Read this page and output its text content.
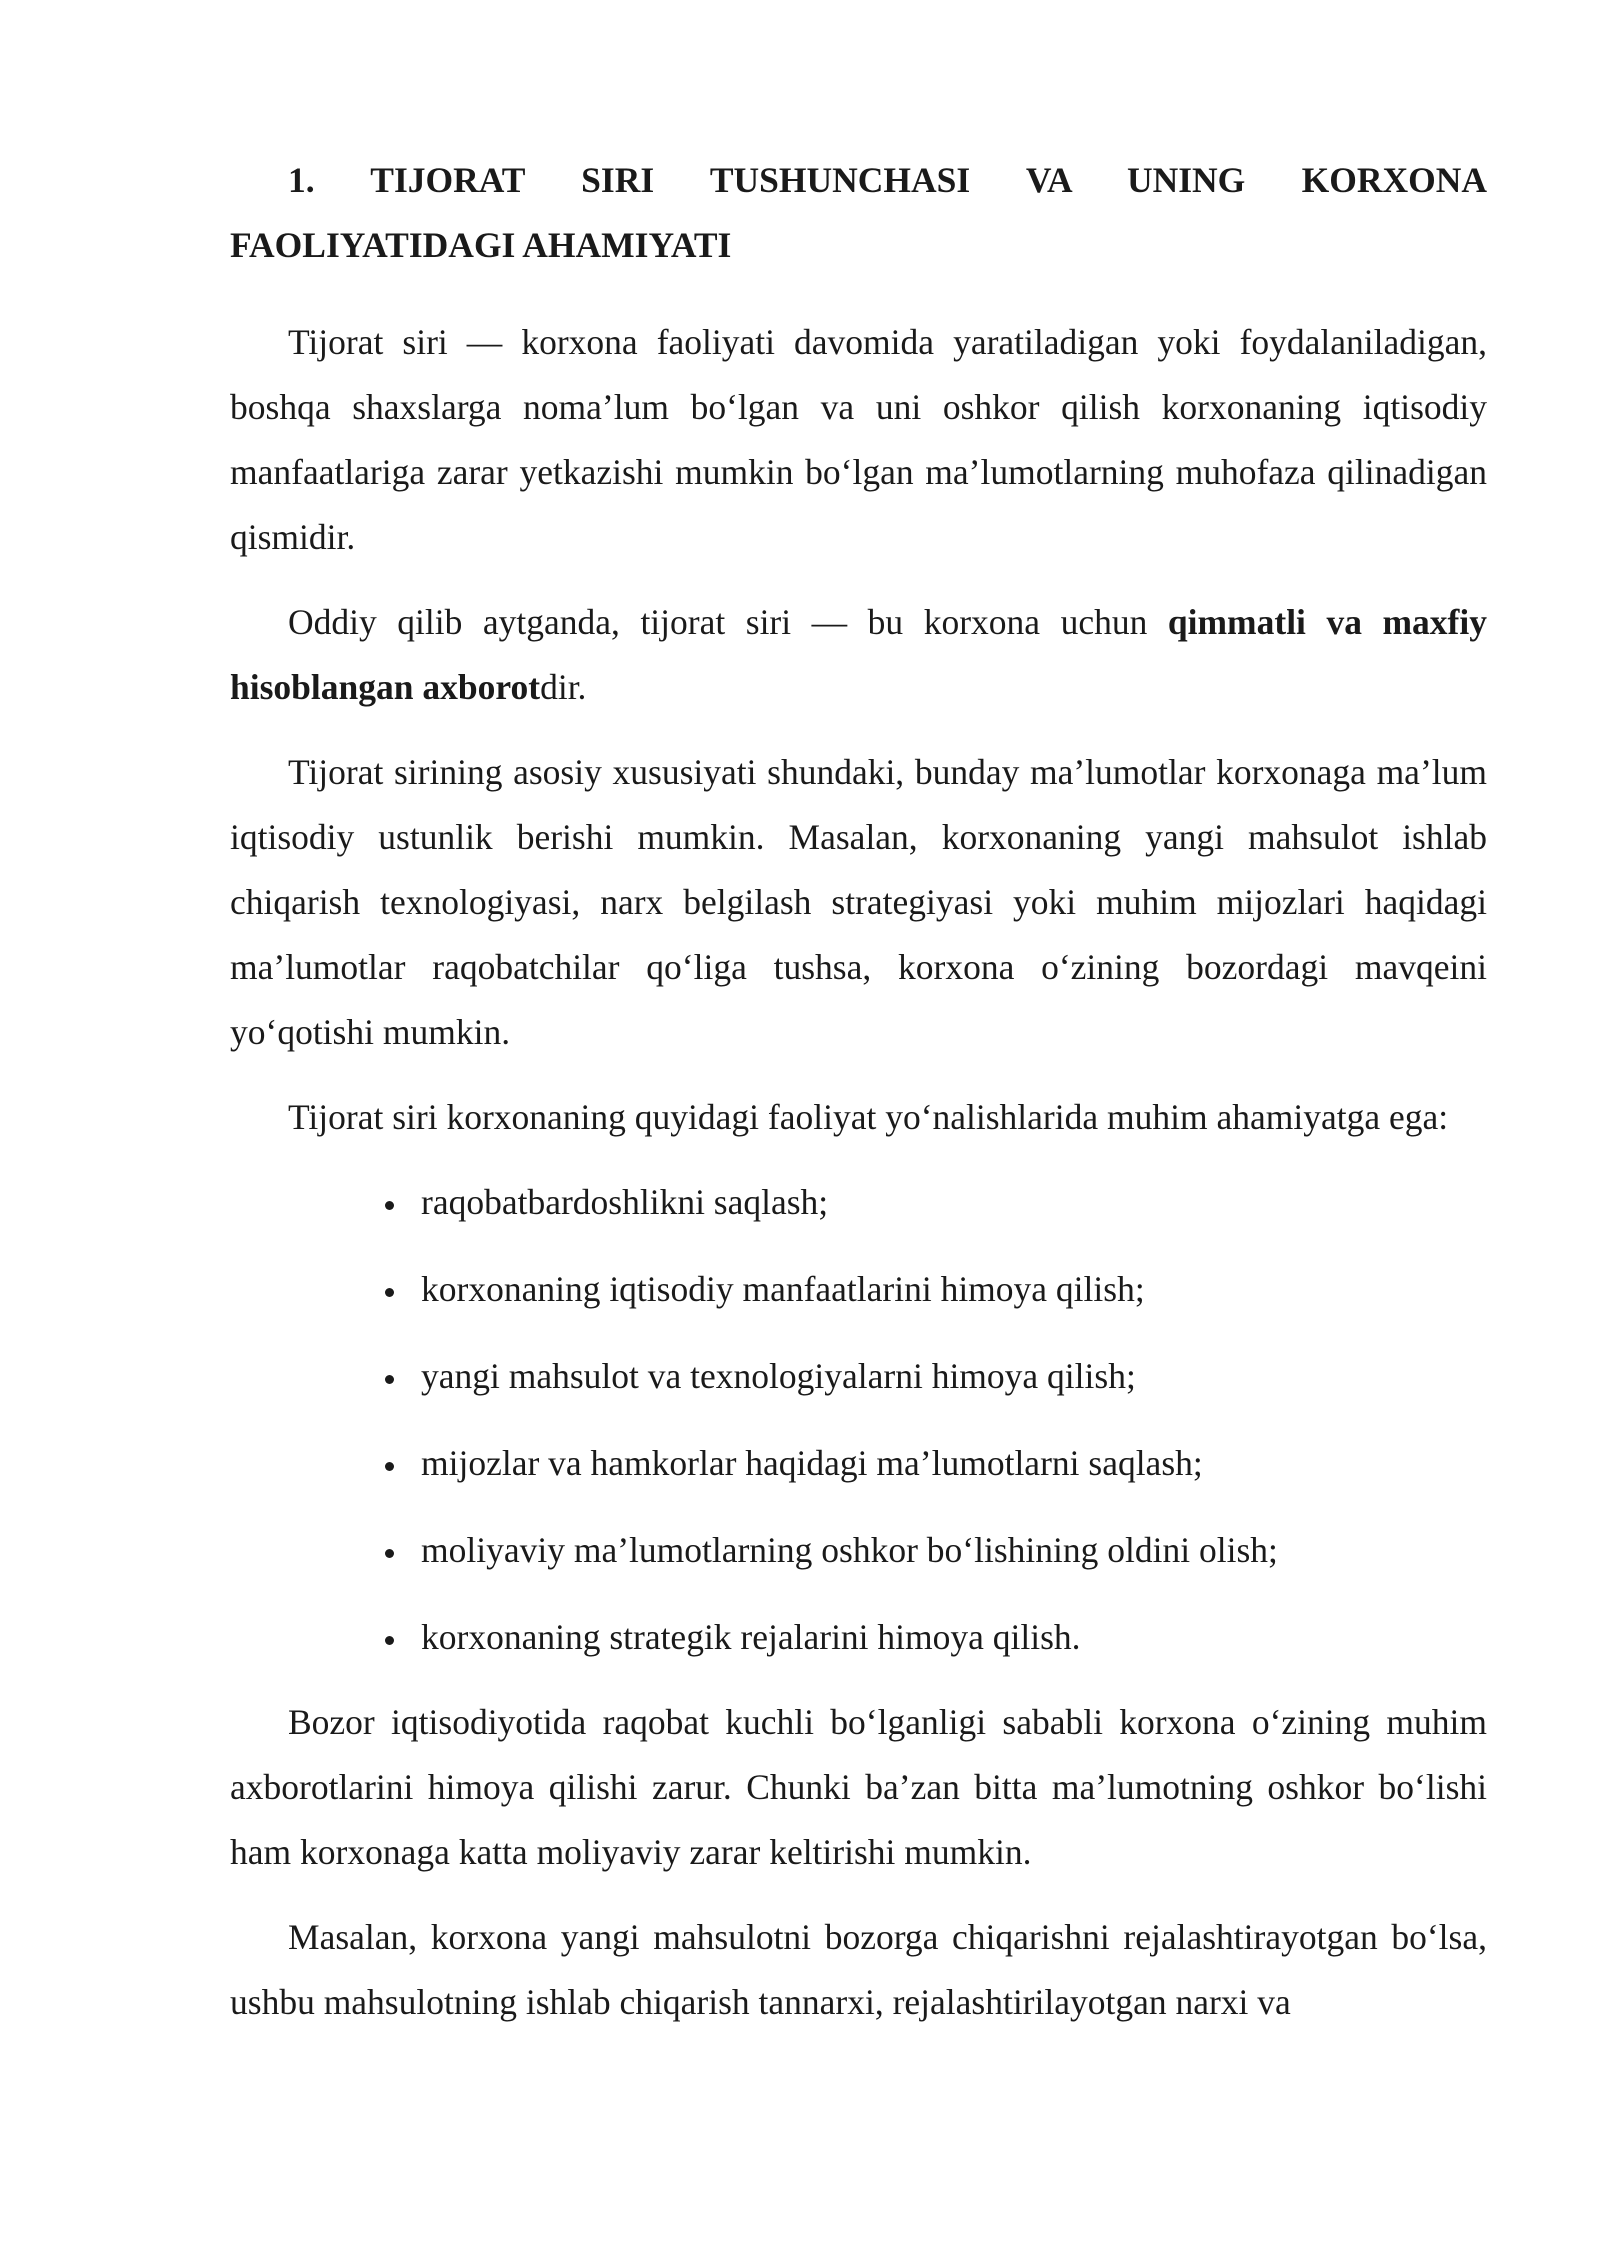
1. TIJORAT SIRI TUSHUNCHASI VA UNING KORXONA FAOLIYATIDAGI AHAMIYATI

Tijorat siri — korxona faoliyati davomida yaratiladigan yoki foydalaniladigan, boshqa shaxslarga noma’lum bo‘lgan va uni oshkor qilish korxonaning iqtisodiy manfaatlariga zarar yetkazishi mumkin bo‘lgan ma’lumotlarning muhofaza qilinadigan qismidir.

Oddiy qilib aytganda, tijorat siri — bu korxona uchun qimmatli va maxfiy hisoblangan axborotdir.

Tijorat sirining asosiy xususiyati shundaki, bunday ma’lumotlar korxonaga ma’lum iqtisodiy ustunlik berishi mumkin. Masalan, korxonaning yangi mahsulot ishlab chiqarish texnologiyasi, narx belgilash strategiyasi yoki muhim mijozlari haqidagi ma’lumotlar raqobatchilar qo‘liga tushsa, korxona o‘zining bozordagi mavqeini yo‘qotishi mumkin.

Tijorat siri korxonaning quyidagi faoliyat yo‘nalishlarida muhim ahamiyatga ega:

raqobatbardoshlikni saqlash;
korxonaning iqtisodiy manfaatlarini himoya qilish;
yangi mahsulot va texnologiyalarni himoya qilish;
mijozlar va hamkorlar haqidagi ma’lumotlarni saqlash;
moliyaviy ma’lumotlarning oshkor bo‘lishining oldini olish;
korxonaning strategik rejalarini himoya qilish.

Bozor iqtisodiyotida raqobat kuchli bo‘lganligi sababli korxona o‘zining muhim axborotlarini himoya qilishi zarur. Chunki ba’zan bitta ma’lumotning oshkor bo‘lishi ham korxonaga katta moliyaviy zarar keltirishi mumkin.

Masalan, korxona yangi mahsulotni bozorga chiqarishni rejalashtirayotgan bo‘lsa, ushbu mahsulotning ishlab chiqarish tannarxi, rejalashtirilayotgan narxi va
